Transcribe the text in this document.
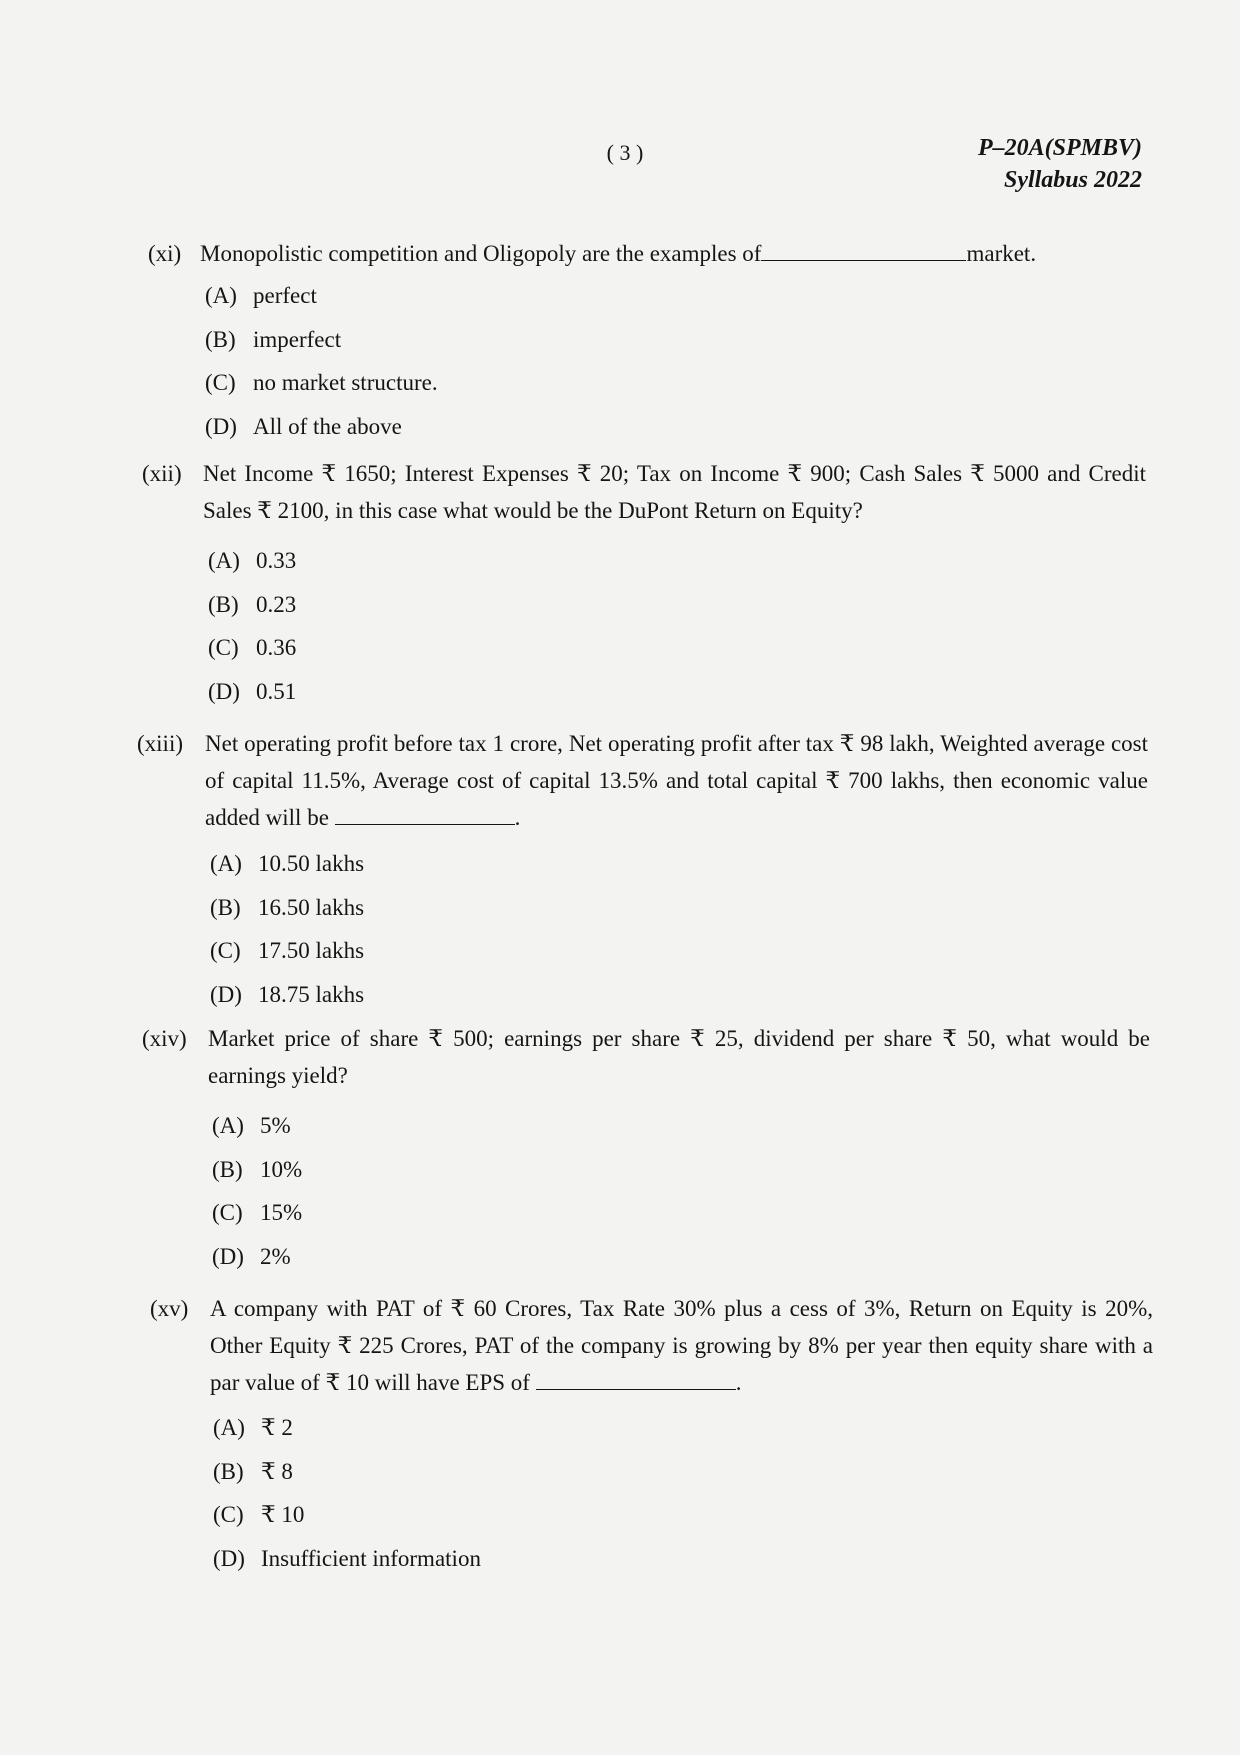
( 3 )	P–20A(SPMBV)
Syllabus 2022
(xi) Monopolistic competition and Oligopoly are the examples of	market.
(A) perfect
(B) imperfect
(C) no market structure.
(D) All of the above
(xii) Net Income ₹ 1650; Interest Expenses ₹ 20; Tax on Income ₹ 900; Cash Sales ₹ 5000 and Credit Sales ₹ 2100, in this case what would be the DuPont Return on Equity?
(A) 0.33
(B) 0.23
(C) 0.36
(D) 0.51
(xiii) Net operating profit before tax 1 crore, Net operating profit after tax ₹ 98 lakh, Weighted average cost of capital 11.5%, Average cost of capital 13.5% and total capital ₹ 700 lakhs, then economic value added will be	.
(A) 10.50 lakhs
(B) 16.50 lakhs
(C) 17.50 lakhs
(D) 18.75 lakhs
(xiv) Market price of share ₹ 500; earnings per share ₹ 25, dividend per share ₹ 50, what would be earnings yield?
(A) 5%
(B) 10%
(C) 15%
(D) 2%
(xv) A company with PAT of ₹ 60 Crores, Tax Rate 30% plus a cess of 3%, Return on Equity is 20%, Other Equity ₹ 225 Crores, PAT of the company is growing by 8% per year then equity share with a par value of ₹ 10 will have EPS of	.
(A) ₹ 2
(B) ₹ 8
(C) ₹ 10
(D) Insufficient information
